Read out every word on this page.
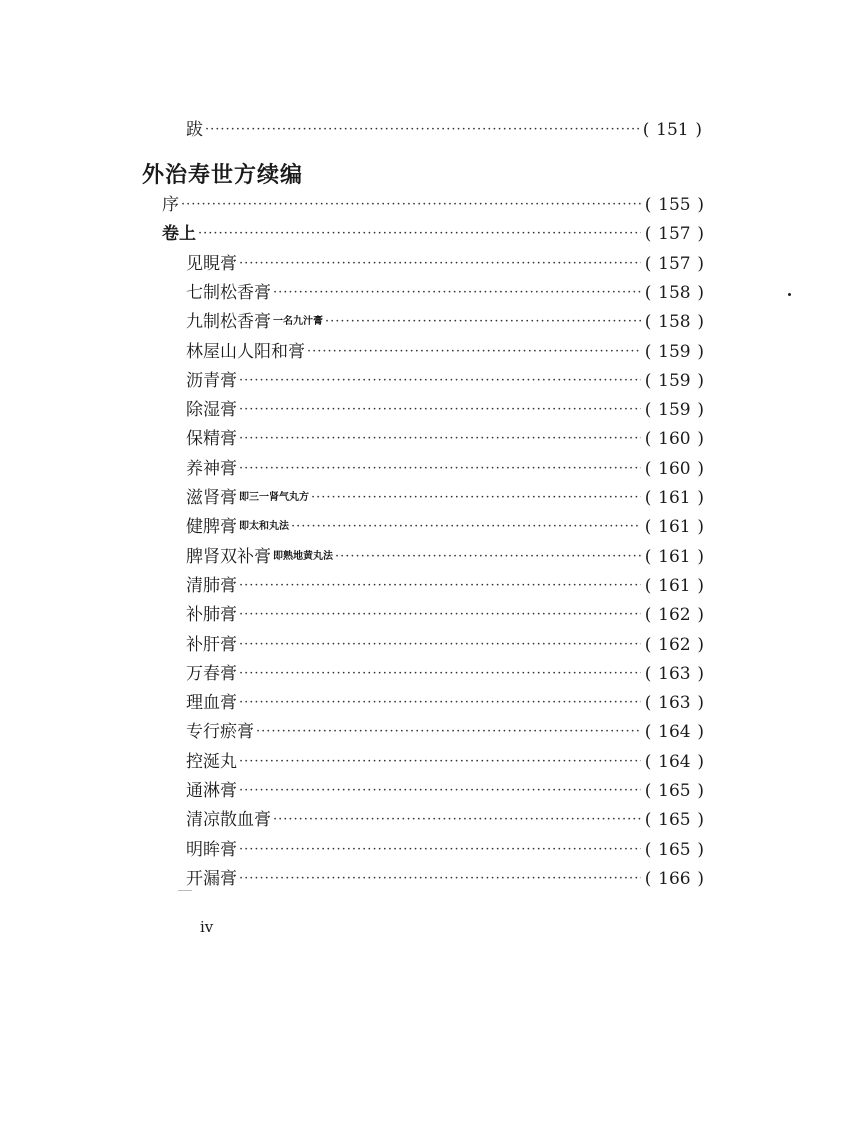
跋 ·····	( 151 )
外治寿世方续编
序 ·····	( 155 )
卷上 ·····	( 157 )
见睍膏 ·····	( 157 )
七制松香膏 ·····	( 158 )
九制松香膏 一名九汁膏 ·····	( 158 )
林屋山人阳和膏 ·····	( 159 )
沥青膏 ·····	( 159 )
除湿膏 ·····	( 159 )
保精膏 ·····	( 160 )
养神膏 ·····	( 160 )
滋肾膏 即三一肾气丸方 ·····	( 161 )
健脾膏 即太和丸法 ·····	( 161 )
脾肾双补膏 即熟地黄丸法 ·····	( 161 )
清肺膏 ·····	( 161 )
补肺膏 ·····	( 162 )
补肝膏 ·····	( 162 )
万春膏 ·····	( 163 )
理血膏 ·····	( 163 )
专行瘀膏 ·····	( 164 )
控涎丸 ·····	( 164 )
通淋膏 ·····	( 165 )
清凉散血膏 ·····	( 165 )
明眸膏 ·····	( 165 )
开漏膏 ·····	( 166 )
iv
